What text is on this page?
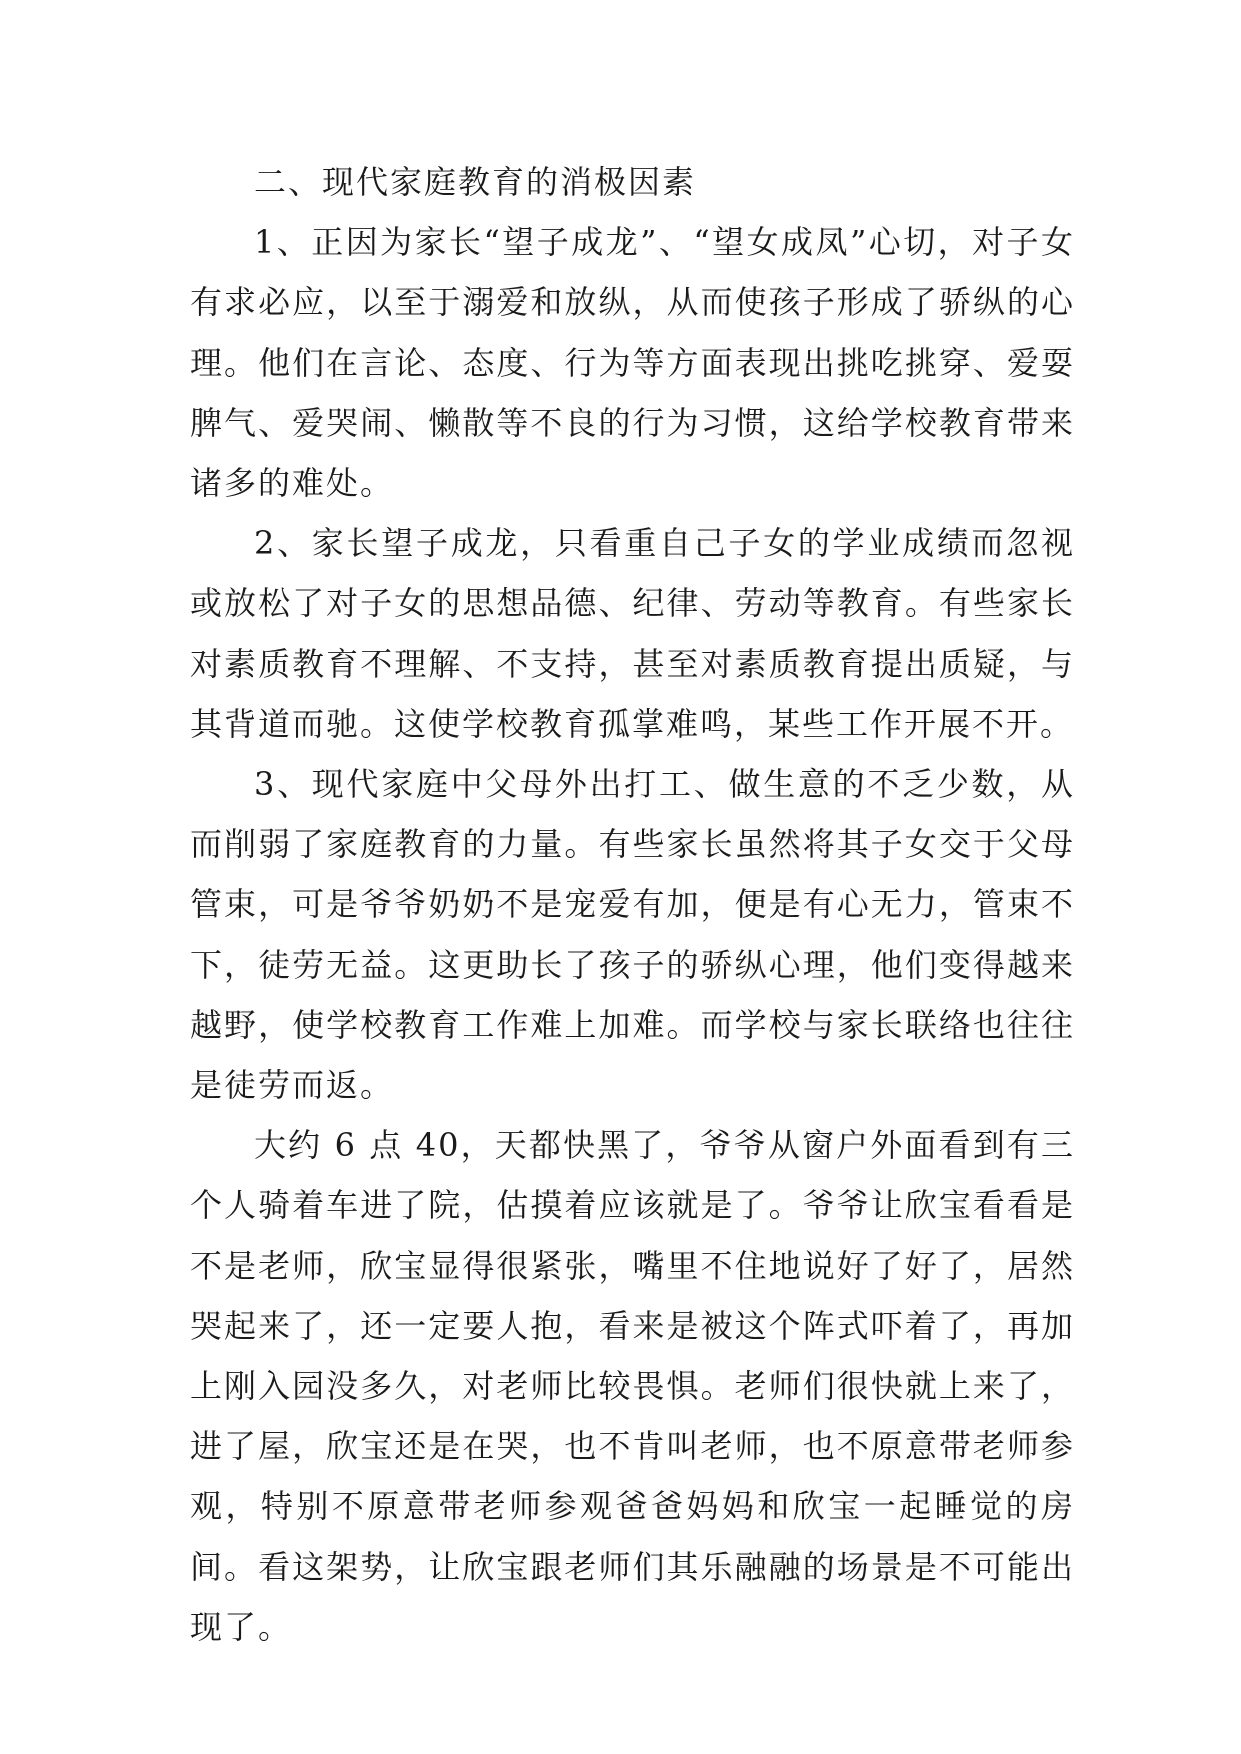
二、现代家庭教育的消极因素

1、正因为家长“望子成龙”、“望女成凤”心切，对子女有求必应，以至于溺爱和放纵，从而使孩子形成了骄纵的心理。他们在言论、态度、行为等方面表现出挑吃挑穿、爱耍脾气、爱哭闹、懒散等不良的行为习惯，这给学校教育带来诸多的难处。

2、家长望子成龙，只看重自己子女的学业成绩而忽视或放松了对子女的思想品德、纪律、劳动等教育。有些家长对素质教育不理解、不支持，甚至对素质教育提出质疑，与其背道而驰。这使学校教育孤掌难鸣，某些工作开展不开。

3、现代家庭中父母外出打工、做生意的不乏少数，从而削弱了家庭教育的力量。有些家长虽然将其子女交于父母管束，可是爷爷奶奶不是宠爱有加，便是有心无力，管束不下，徒劳无益。这更助长了孩子的骄纵心理，他们变得越来越野，使学校教育工作难上加难。而学校与家长联络也往往是徒劳而返。

大约 6 点 40，天都快黑了，爷爷从窗户外面看到有三个人骑着车进了院，估摸着应该就是了。爷爷让欣宝看看是不是老师，欣宝显得很紧张，嘴里不住地说好了好了，居然哭起来了，还一定要人抱，看来是被这个阵式吓着了，再加上刚入园没多久，对老师比较畏惧。老师们很快就上来了，进了屋，欣宝还是在哭，也不肯叫老师，也不原意带老师参观，特别不原意带老师参观爸爸妈妈和欣宝一起睡觉的房间。看这架势，让欣宝跟老师们其乐融融的场景是不可能出现了。
